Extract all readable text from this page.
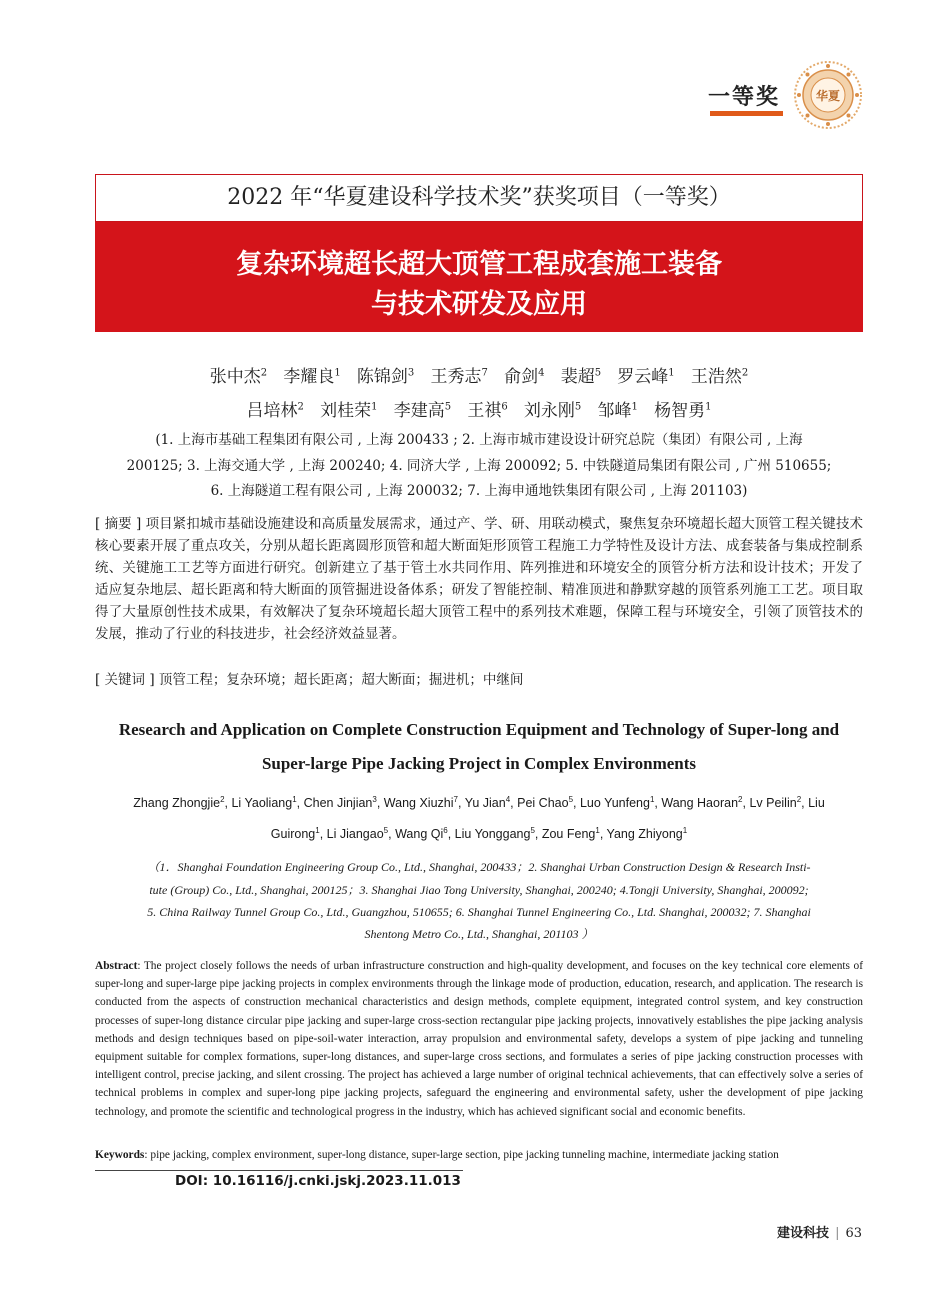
一等奖	华夏
2022 年“华夏建设科学技术奖”获奖项目（一等奖）
复杂环境超长超大顶管工程成套施工装备
与技术研发及应用
张中杰$^2$ 李耀良$^1$ 陈锦剑$^3$ 王秀志$^7$ 俞剑$^4$ 裴超$^5$ 罗云峰$^1$ 王浩然$^2$
吕培林$^2$ 刘桂荣$^1$ 李建高$^5$ 王祺$^6$ 刘永刚$^5$ 邹峰$^1$ 杨智勇$^1$
(1. 上海市基础工程集团有限公司 , 上海 200433 ; 2. 上海市城市建设设计研究总院（集团）有限公司 , 上海
200125; 3. 上海交通大学 , 上海 200240; 4. 同济大学 , 上海 200092; 5. 中铁隧道局集团有限公司 , 广州 510655;
6. 上海隧道工程有限公司 , 上海 200032; 7. 上海申通地铁集团有限公司 , 上海 201103)
[ 摘要 ] 项目紧扣城市基础设施建设和高质量发展需求，通过产、学、研、用联动模式，聚焦复杂环境超长超大顶管工程关键技术核心要素开展了重点攻关，分别从超长距离圆形顶管和超大断面矩形顶管工程施工力学特性及设计方法、成套装备与集成控制系统、关键施工工艺等方面进行研究。创新建立了基于管土水共同作用、阵列推进和环境安全的顶管分析方法和设计技术；开发了适应复杂地层、超长距离和特大断面的顶管掘进设备体系；研发了智能控制、精准顶进和静默穿越的顶管系列施工工艺。项目取得了大量原创性技术成果，有效解决了复杂环境超长超大顶管工程中的系列技术难题，保障工程与环境安全，引领了顶管技术的发展，推动了行业的科技进步，社会经济效益显著。
[ 关键词 ] 顶管工程；复杂环境；超长距离；超大断面；掘进机；中继间
Research and Application on Complete Construction Equipment and Technology of Super-long and
Super-large Pipe Jacking Project in Complex Environments
Zhang Zhongjie$^2$, Li Yaoliang$^1$, Chen Jinjian$^3$, Wang Xiuzhi$^7$, Yu Jian$^4$, Pei Chao$^5$, Luo Yunfeng$^1$, Wang Haoran$^2$, Lv Peilin$^2$, Liu
Guirong$^1$, Li Jiangao$^5$, Wang Qi$^6$, Liu Yonggang$^5$, Zou Feng$^1$, Yang Zhiyong$^1$
（1．Shanghai Foundation Engineering Group Co., Ltd., Shanghai, 200433；2. Shanghai Urban Construction Design & Research Insti-
tute (Group) Co., Ltd., Shanghai, 200125；3. Shanghai Jiao Tong University, Shanghai, 200240; 4.Tongji University, Shanghai, 200092;
5. China Railway Tunnel Group Co., Ltd., Guangzhou, 510655; 6. Shanghai Tunnel Engineering Co., Ltd. Shanghai, 200032; 7. Shanghai
Shentong Metro Co., Ltd., Shanghai, 201103 ）
Abstract: The project closely follows the needs of urban infrastructure construction and high-quality development, and focuses on the key technical core elements of super-long and super-large pipe jacking projects in complex environments through the linkage mode of production, education, research, and application. The research is conducted from the aspects of construction mechanical characteristics and design methods, complete equipment, integrated control system, and key construction processes of super-long distance circular pipe jacking and super-large cross-section rectangular pipe jacking projects, innovatively establishes the pipe jacking analysis methods and design techniques based on pipe-soil-water interaction, array propulsion and environmental safety, develops a system of pipe jacking and tunneling equipment suitable for complex formations, super-long distances, and super-large cross sections, and formulates a series of pipe jacking construction processes with intelligent control, precise jacking, and silent crossing. The project has achieved a large number of original technical achievements, that can effectively solve a series of technical problems in complex and super-long pipe jacking projects, safeguard the engineering and environmental safety, usher the development of pipe jacking technology, and promote the scientific and technological progress in the industry, which has achieved significant social and economic benefits.
Keywords: pipe jacking, complex environment, super-long distance, super-large section, pipe jacking tunneling machine, intermediate jacking station
DOI: 10.16116/j.cnki.jskj.2023.11.013
建设科技 | 63
